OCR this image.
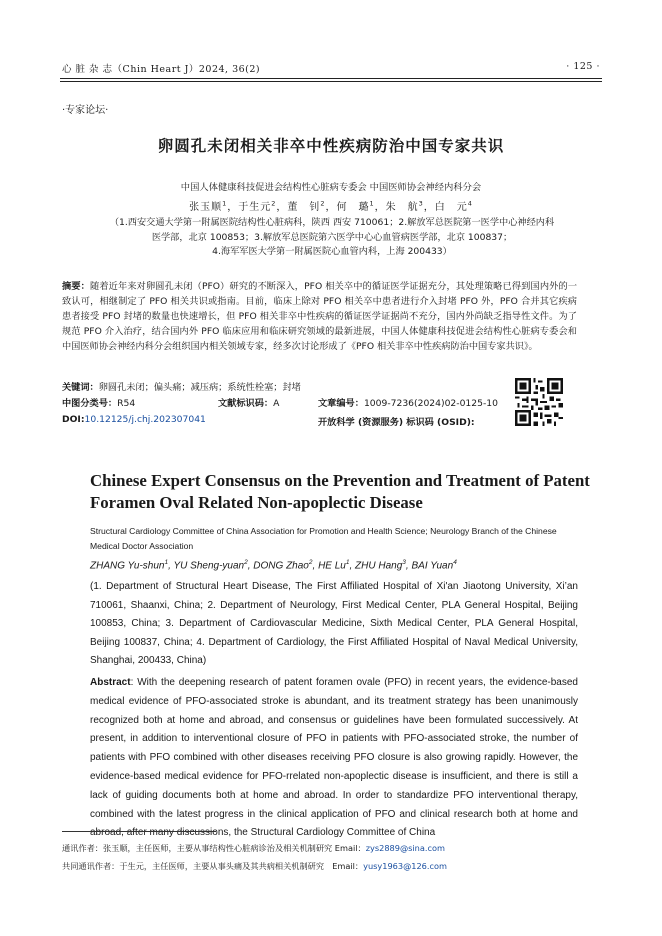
心 脏 杂 志（Chin Heart J）2024, 36(2)	· 125 ·
·专家论坛·
卵圆孔未闭相关非卒中性疾病防治中国专家共识
中国人体健康科技促进会结构性心脏病专委会 中国医师协会神经内科分会
张玉顺$^1$，于生元$^2$，董　钊$^2$，何　璐$^1$，朱　航$^3$，白　元$^4$
（1.西安交通大学第一附属医院结构性心脏病科，陕西 西安 710061；2.解放军总医院第一医学中心神经内科
医学部，北京 100853；3.解放军总医院第六医学中心心血管病医学部，北京 100837；
4.海军军医大学第一附属医院心血管内科，上海 200433）
摘要：随着近年来对卵圆孔未闭（PFO）研究的不断深入，PFO 相关卒中的循证医学证据充分，其处理策略已得到国内外的一致认可，相继制定了 PFO 相关共识或指南。目前，临床上除对 PFO 相关卒中患者进行介入封堵 PFO 外，PFO 合并其它疾病患者接受 PFO 封堵的数量也快速增长，但 PFO 相关非卒中性疾病的循证医学证据尚不充分，国内外尚缺乏指导性文件。为了规范 PFO 介入治疗，结合国内外 PFO 临床应用和临床研究领域的最新进展，中国人体健康科技促进会结构性心脏病专委会和中国医师协会神经内科分会组织国内相关领域专家，经多次讨论形成了《PFO 相关非卒中性疾病防治中国专家共识》。
关键词：卵圆孔未闭；偏头痛；减压病；系统性栓塞；封堵
中图分类号：R54	文献标识码：A	文章编号：1009-7236(2024)02-0125-10
DOI:10.12125/j.chj.202307041	开放科学 (资源服务) 标识码 (OSID):
Chinese Expert Consensus on the Prevention and Treatment of Patent Foramen Oval Related Non-apoplectic Disease
Structural Cardiology Committee of China Association for Promotion and Health Science; Neurology Branch of the Chinese Medical Doctor Association
ZHANG Yu-shun$^1$, YU Sheng-yuan$^2$, DONG Zhao$^2$, HE Lu$^1$, ZHU Hang$^3$, BAI Yuan$^4$
(1. Department of Structural Heart Disease, The First Affiliated Hospital of Xi'an Jiaotong University, Xi’an 710061, Shaanxi, China; 2. Department of Neurology, First Medical Center, PLA General Hospital, Beijing 100853, China; 3. Department of Cardiovascular Medicine, Sixth Medical Center, PLA General Hospital, Beijing 100837, China; 4. Department of Cardiology, the First Affiliated Hospital of Naval Medical University, Shanghai, 200433, China)
Abstract: With the deepening research of patent foramen ovale (PFO) in recent years, the evidence-based medical evidence of PFO-associated stroke is abundant, and its treatment strategy has been unanimously recognized both at home and abroad, and consensus or guidelines have been formulated successively. At present, in addition to interventional closure of PFO in patients with PFO-associated stroke, the number of patients with PFO combined with other diseases receiving PFO closure is also growing rapidly. However, the evidence-based medical evidence for PFO-rrelated non-apoplectic disease is insufficient, and there is still a lack of guiding documents both at home and abroad. In order to standardize PFO interventional therapy, combined with the latest progress in the clinical application of PFO and clinical research both at home and abroad, after many discussions, the Structural Cardiology Committee of China
通讯作者：张玉顺，主任医师，主要从事结构性心脏病诊治及相关机制研究 Email：zys2889@sina.com
共同通讯作者：于生元，主任医师，主要从事头痛及其共病相关机制研究　Email：yusy1963@126.com
